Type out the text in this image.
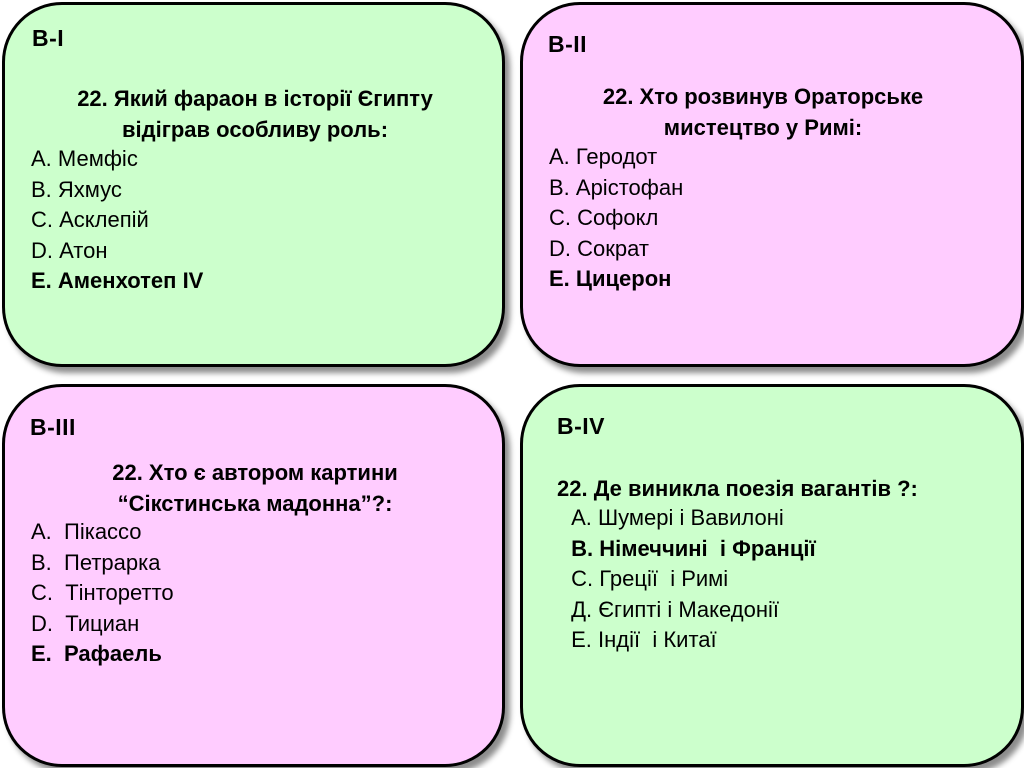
В-І
22. Який фараон в історії Єгипту
відіграв особливу роль:
А. Мемфіс
В. Яхмус
С. Асклепій
D. Атон
Е. Аменхотеп IV
В-ІІ
22. Хто розвинув Ораторське
мистецтво у Римі:
А. Геродот
В. Арістофан
С. Софокл
D. Сократ
Е. Цицерон
В-ІІІ
22. Хто є автором картини
“Сікстинська мадонна”?:
A.  Пікассо
B.  Петрарка
C.  Тінторетто
D.  Тициан
E.  Рафаель
В-ІV
22. Де виникла поезія вагантів ?:
А. Шумері і Вавилоні
В. Німеччині  і Франції
С. Греції  і Римі
Д. Єгипті і Македонії
Е. Індії  і Китаї
